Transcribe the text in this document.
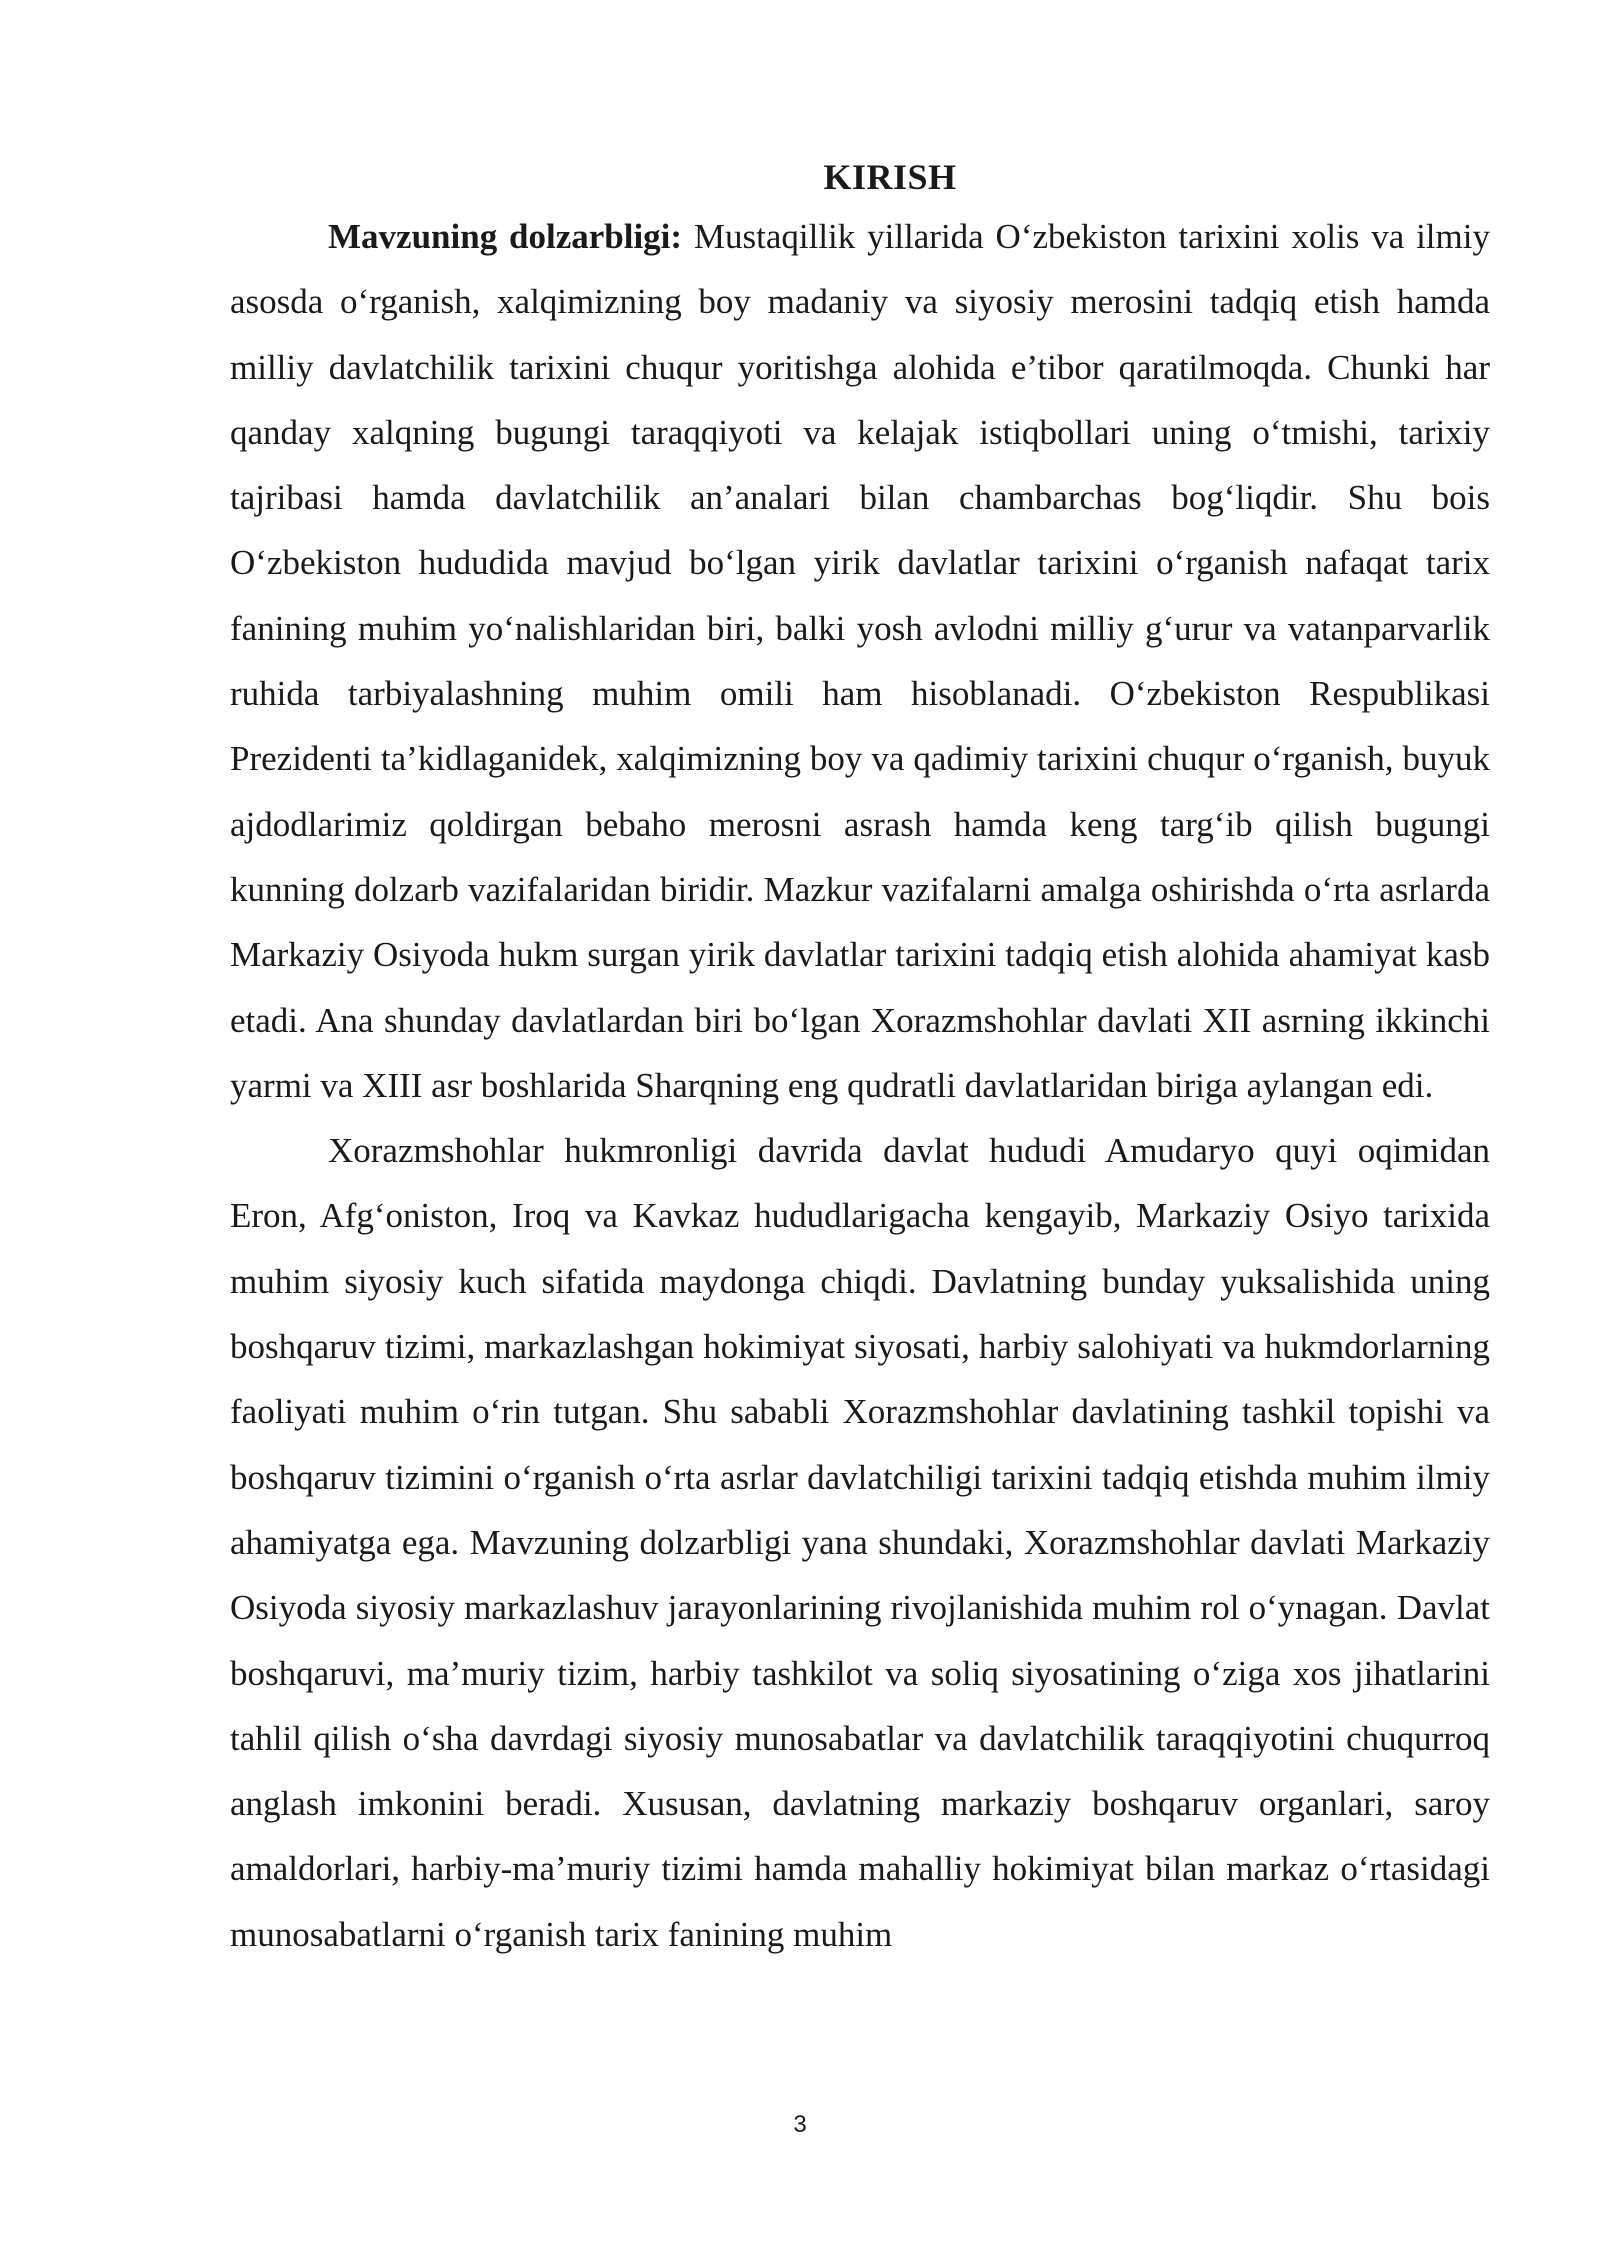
KIRISH

Mavzuning dolzarbligi: Mustaqillik yillarida O‘zbekiston tarixini xolis va ilmiy asosda o‘rganish, xalqimizning boy madaniy va siyosiy merosini tadqiq etish hamda milliy davlatchilik tarixini chuqur yoritishga alohida e’tibor qaratilmoqda. Chunki har qanday xalqning bugungi taraqqiyoti va kelajak istiqbollari uning o‘tmishi, tarixiy tajribasi hamda davlatchilik an’analari bilan chambarchas bog‘liqdir. Shu bois O‘zbekiston hududida mavjud bo‘lgan yirik davlatlar tarixini o‘rganish nafaqat tarix fanining muhim yo‘nalishlaridan biri, balki yosh avlodni milliy g‘urur va vatanparvarlik ruhida tarbiyalashning muhim omili ham hisoblanadi. O‘zbekiston Respublikasi Prezidenti ta’kidlaganidek, xalqimizning boy va qadimiy tarixini chuqur o‘rganish, buyuk ajdodlarimiz qoldirgan bebaho merosni asrash hamda keng targ‘ib qilish bugungi kunning dolzarb vazifalaridan biridir. Mazkur vazifalarni amalga oshirishda o‘rta asrlarda Markaziy Osiyoda hukm surgan yirik davlatlar tarixini tadqiq etish alohida ahamiyat kasb etadi. Ana shunday davlatlardan biri bo‘lgan Xorazmshohlar davlati XII asrning ikkinchi yarmi va XIII asr boshlarida Sharqning eng qudratli davlatlaridan biriga aylangan edi.

Xorazmshohlar hukmronligi davrida davlat hududi Amudaryo quyi oqimidan Eron, Afg‘oniston, Iroq va Kavkaz hududlarigacha kengayib, Markaziy Osiyo tarixida muhim siyosiy kuch sifatida maydonga chiqdi. Davlatning bunday yuksalishida uning boshqaruv tizimi, markazlashgan hokimiyat siyosati, harbiy salohiyati va hukmdorlarning faoliyati muhim o‘rin tutgan. Shu sababli Xorazmshohlar davlatining tashkil topishi va boshqaruv tizimini o‘rganish o‘rta asrlar davlatchiligi tarixini tadqiq etishda muhim ilmiy ahamiyatga ega. Mavzuning dolzarbligi yana shundaki, Xorazmshohlar davlati Markaziy Osiyoda siyosiy markazlashuv jarayonlarining rivojlanishida muhim rol o‘ynagan. Davlat boshqaruvi, ma’muriy tizim, harbiy tashkilot va soliq siyosatining o‘ziga xos jihatlarini tahlil qilish o‘sha davrdagi siyosiy munosabatlar va davlatchilik taraqqiyotini chuqurroq anglash imkonini beradi. Xususan, davlatning markaziy boshqaruv organlari, saroy amaldorlari, harbiy-ma’muriy tizimi hamda mahalliy hokimiyat bilan markaz o‘rtasidagi munosabatlarni o‘rganish tarix fanining muhim

3
